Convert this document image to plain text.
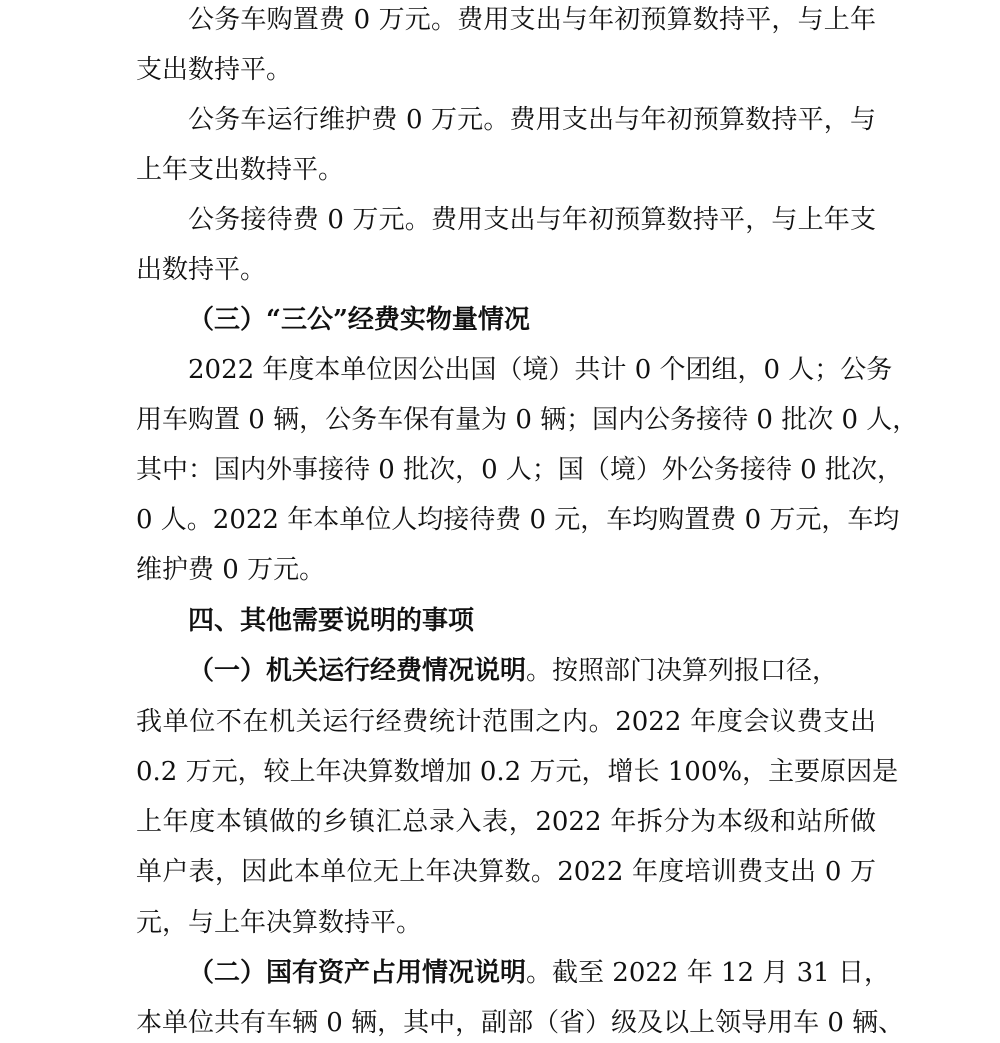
公务车购置费 0 万元。费用支出与年初预算数持平，与上年
支出数持平。
公务车运行维护费 0 万元。费用支出与年初预算数持平，与
上年支出数持平。
公务接待费 0 万元。费用支出与年初预算数持平，与上年支
出数持平。
（三）“三公”经费实物量情况
2022 年度本单位因公出国（境）共计 0 个团组，0 人；公务
用车购置 0 辆，公务车保有量为 0 辆；国内公务接待 0 批次 0 人，
其中：国内外事接待 0 批次，0 人；国（境）外公务接待 0 批次，
0 人。2022 年本单位人均接待费 0 元，车均购置费 0 万元，车均
维护费 0 万元。
四、其他需要说明的事项
（一）机关运行经费情况说明。按照部门决算列报口径，
我单位不在机关运行经费统计范围之内。2022 年度会议费支出
0.2 万元，较上年决算数增加 0.2 万元，增长 100%，主要原因是
上年度本镇做的乡镇汇总录入表，2022 年拆分为本级和站所做
单户表，因此本单位无上年决算数。2022 年度培训费支出 0 万
元，与上年决算数持平。
（二）国有资产占用情况说明。截至 2022 年 12 月 31 日，
本单位共有车辆 0 辆，其中，副部（省）级及以上领导用车 0 辆、
